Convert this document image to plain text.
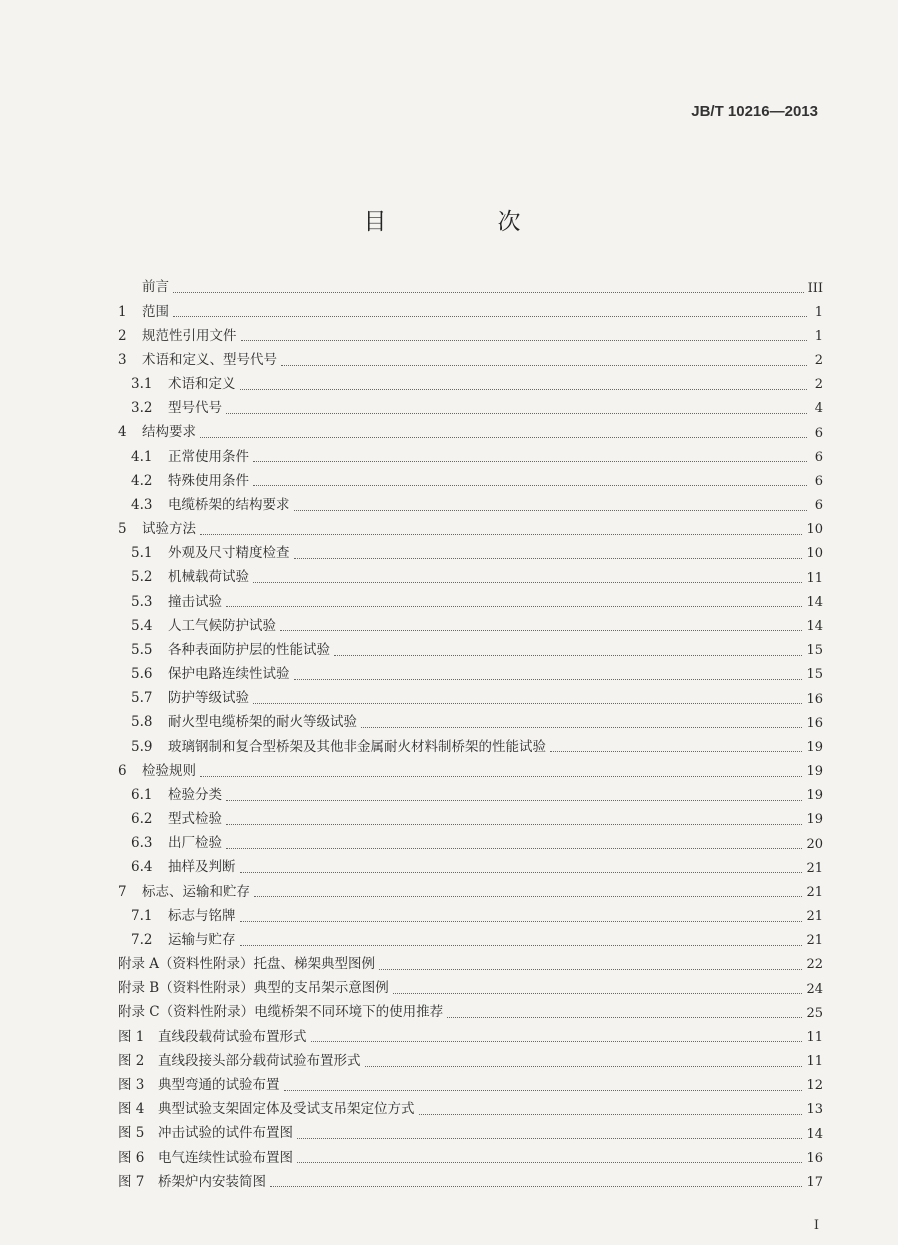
JB/T 10216—2013
目　次
前言	III
1	范围	1
2	规范性引用文件	1
3	术语和定义、型号代号	2
3.1	术语和定义	2
3.2	型号代号	4
4	结构要求	6
4.1	正常使用条件	6
4.2	特殊使用条件	6
4.3	电缆桥架的结构要求	6
5	试验方法	10
5.1	外观及尺寸精度检查	10
5.2	机械载荷试验	11
5.3	撞击试验	14
5.4	人工气候防护试验	14
5.5	各种表面防护层的性能试验	15
5.6	保护电路连续性试验	15
5.7	防护等级试验	16
5.8	耐火型电缆桥架的耐火等级试验	16
5.9	玻璃钢制和复合型桥架及其他非金属耐火材料制桥架的性能试验	19
6	检验规则	19
6.1	检验分类	19
6.2	型式检验	19
6.3	出厂检验	20
6.4	抽样及判断	21
7	标志、运输和贮存	21
7.1	标志与铭牌	21
7.2	运输与贮存	21
附录 A（资料性附录）托盘、梯架典型图例	22
附录 B（资料性附录）典型的支吊架示意图例	24
附录 C（资料性附录）电缆桥架不同环境下的使用推荐	25
图 1	直线段载荷试验布置形式	11
图 2	直线段接头部分载荷试验布置形式	11
图 3	典型弯通的试验布置	12
图 4	典型试验支架固定体及受试支吊架定位方式	13
图 5	冲击试验的试件布置图	14
图 6	电气连续性试验布置图	16
图 7	桥架炉内安装简图	17
I
